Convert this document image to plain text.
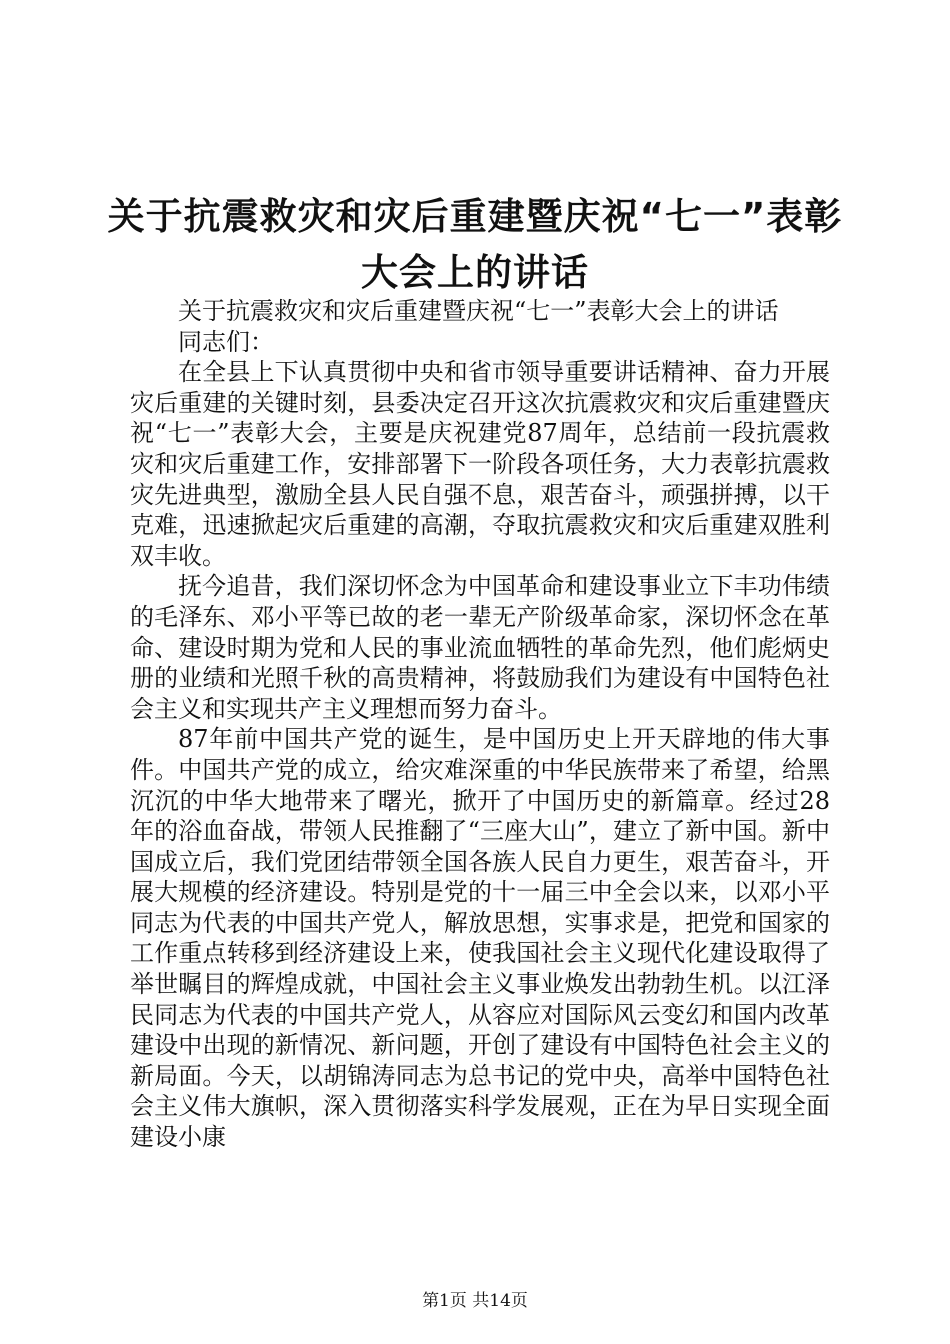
关于抗震救灾和灾后重建暨庆祝“七一”表彰
大会上的讲话

关于抗震救灾和灾后重建暨庆祝“七一”表彰大会上的讲话

同志们：

在全县上下认真贯彻中央和省市领导重要讲话精神、奋力开展灾后重建的关键时刻，县委决定召开这次抗震救灾和灾后重建暨庆祝“七一”表彰大会，主要是庆祝建党87周年，总结前一段抗震救灾和灾后重建工作，安排部署下一阶段各项任务，大力表彰抗震救灾先进典型，激励全县人民自强不息，艰苦奋斗，顽强拼搏，以干克难，迅速掀起灾后重建的高潮，夺取抗震救灾和灾后重建双胜利双丰收。

抚今追昔，我们深切怀念为中国革命和建设事业立下丰功伟绩的毛泽东、邓小平等已故的老一辈无产阶级革命家，深切怀念在革命、建设时期为党和人民的事业流血牺牲的革命先烈，他们彪炳史册的业绩和光照千秋的高贵精神，将鼓励我们为建设有中国特色社会主义和实现共产主义理想而努力奋斗。

87年前中国共产党的诞生，是中国历史上开天辟地的伟大事件。中国共产党的成立，给灾难深重的中华民族带来了希望，给黑沉沉的中华大地带来了曙光，掀开了中国历史的新篇章。经过28年的浴血奋战，带领人民推翻了“三座大山”，建立了新中国。新中国成立后，我们党团结带领全国各族人民自力更生，艰苦奋斗，开展大规模的经济建设。特别是党的十一届三中全会以来，以邓小平同志为代表的中国共产党人，解放思想，实事求是，把党和国家的工作重点转移到经济建设上来，使我国社会主义现代化建设取得了举世瞩目的辉煌成就，中国社会主义事业焕发出勃勃生机。以江泽民同志为代表的中国共产党人，从容应对国际风云变幻和国内改革建设中出现的新情况、新问题，开创了建设有中国特色社会主义的新局面。今天，以胡锦涛同志为总书记的党中央，高举中国特色社会主义伟大旗帜，深入贯彻落实科学发展观，正在为早日实现全面建设小康

第1页 共14页
